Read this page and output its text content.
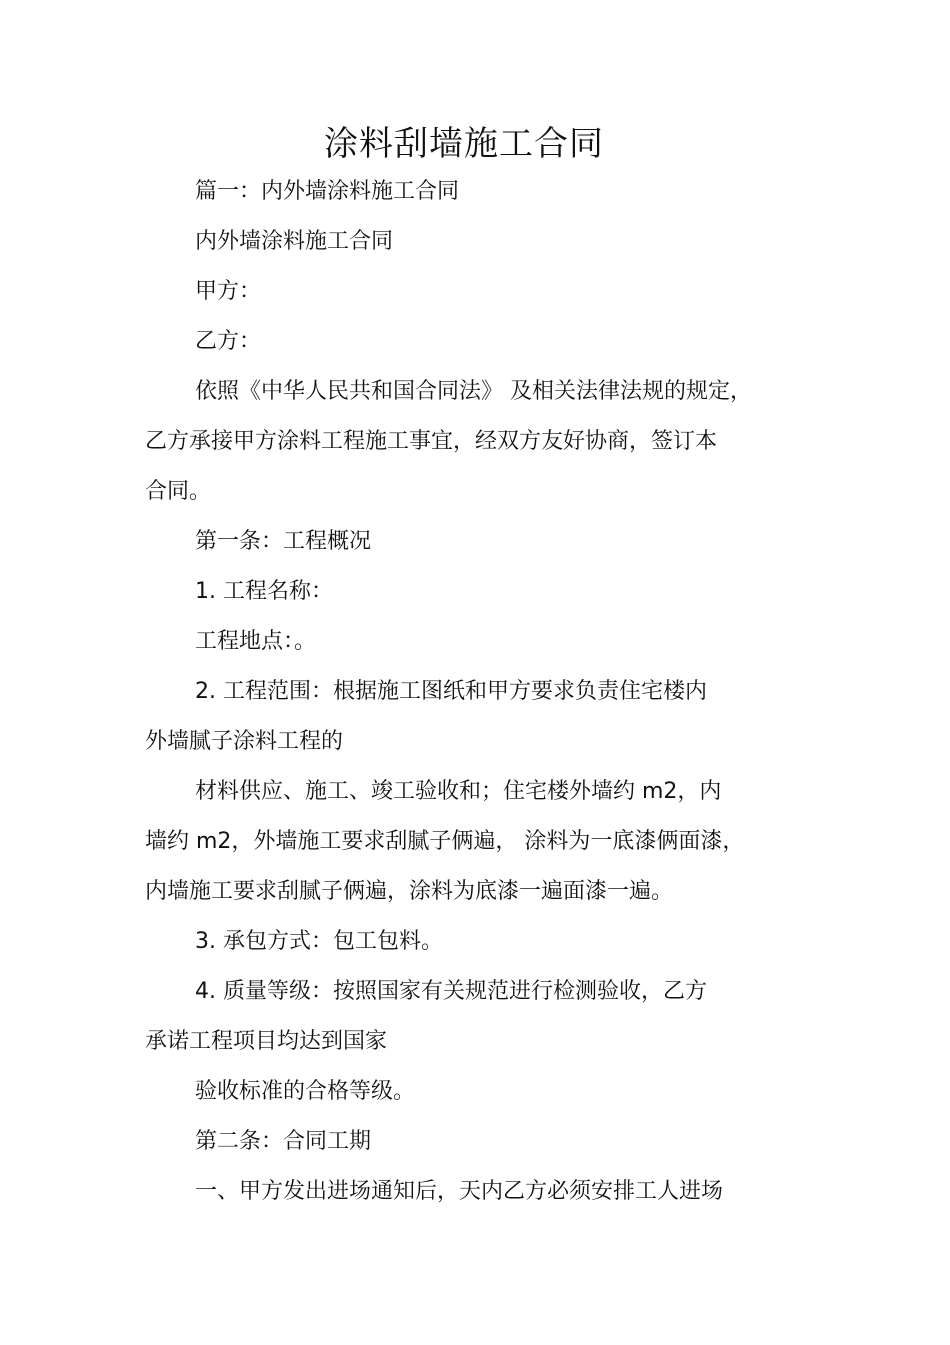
涂料刮墙施工合同
篇一：内外墙涂料施工合同
内外墙涂料施工合同
甲方：
乙方：
依照《中华人民共和国合同法》 及相关法律法规的规定，
乙方承接甲方涂料工程施工事宜，经双方友好协商，签订本
合同。
第一条：工程概况
1. 工程名称：
工程地点：。
2. 工程范围：根据施工图纸和甲方要求负责住宅楼内
外墙腻子涂料工程的
材料供应、施工、竣工验收和；住宅楼外墙约 m2，内
墙约 m2，外墙施工要求刮腻子俩遍， 涂料为一底漆俩面漆，
内墙施工要求刮腻子俩遍，涂料为底漆一遍面漆一遍。
3. 承包方式：包工包料。
4. 质量等级：按照国家有关规范进行检测验收，乙方
承诺工程项目均达到国家
验收标准的合格等级。
第二条：合同工期
一、甲方发出进场通知后，天内乙方必须安排工人进场
